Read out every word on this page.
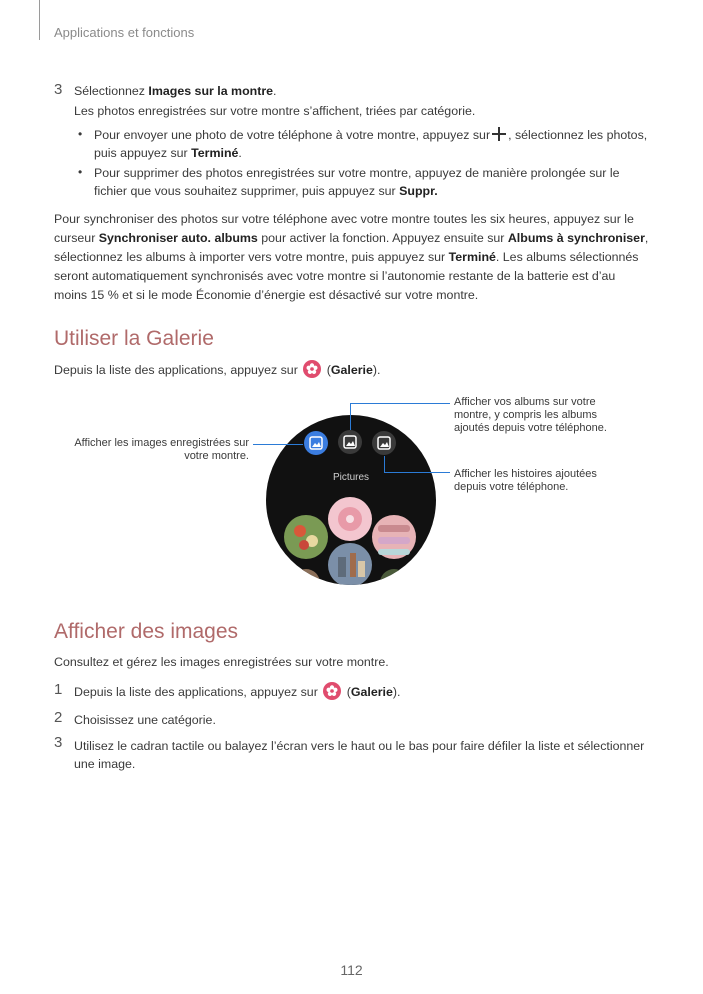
Applications et fonctions
3 Sélectionnez Images sur la montre.
Les photos enregistrées sur votre montre s’affichent, triées par catégorie.
• Pour envoyer une photo de votre téléphone à votre montre, appuyez sur , sélectionnez les photos,
puis appuyez sur Terminé.
• Pour supprimer des photos enregistrées sur votre montre, appuyez de manière prolongée sur le
fichier que vous souhaitez supprimer, puis appuyez sur Suppr.
Pour synchroniser des photos sur votre téléphone avec votre montre toutes les six heures, appuyez sur le
curseur Synchroniser auto. albums pour activer la fonction. Appuyez ensuite sur Albums à synchroniser,
sélectionnez les albums à importer vers votre montre, puis appuyez sur Terminé. Les albums sélectionnés
seront automatiquement synchronisés avec votre montre si l’autonomie restante de la batterie est d’au
moins 15 % et si le mode Économie d’énergie est désactivé sur votre montre.
Utiliser la Galerie
Depuis la liste des applications, appuyez sur (Galerie).
Pictures
Afficher les images enregistrées sur
votre montre.
Afficher vos albums sur votre
montre, y compris les albums
ajoutés depuis votre téléphone.
Afficher les histoires ajoutées
depuis votre téléphone.
Afficher des images
Consultez et gérez les images enregistrées sur votre montre.
1 Depuis la liste des applications, appuyez sur (Galerie).
2 Choisissez une catégorie.
3 Utilisez le cadran tactile ou balayez l’écran vers le haut ou le bas pour faire défiler la liste et sélectionner
une image.
112
